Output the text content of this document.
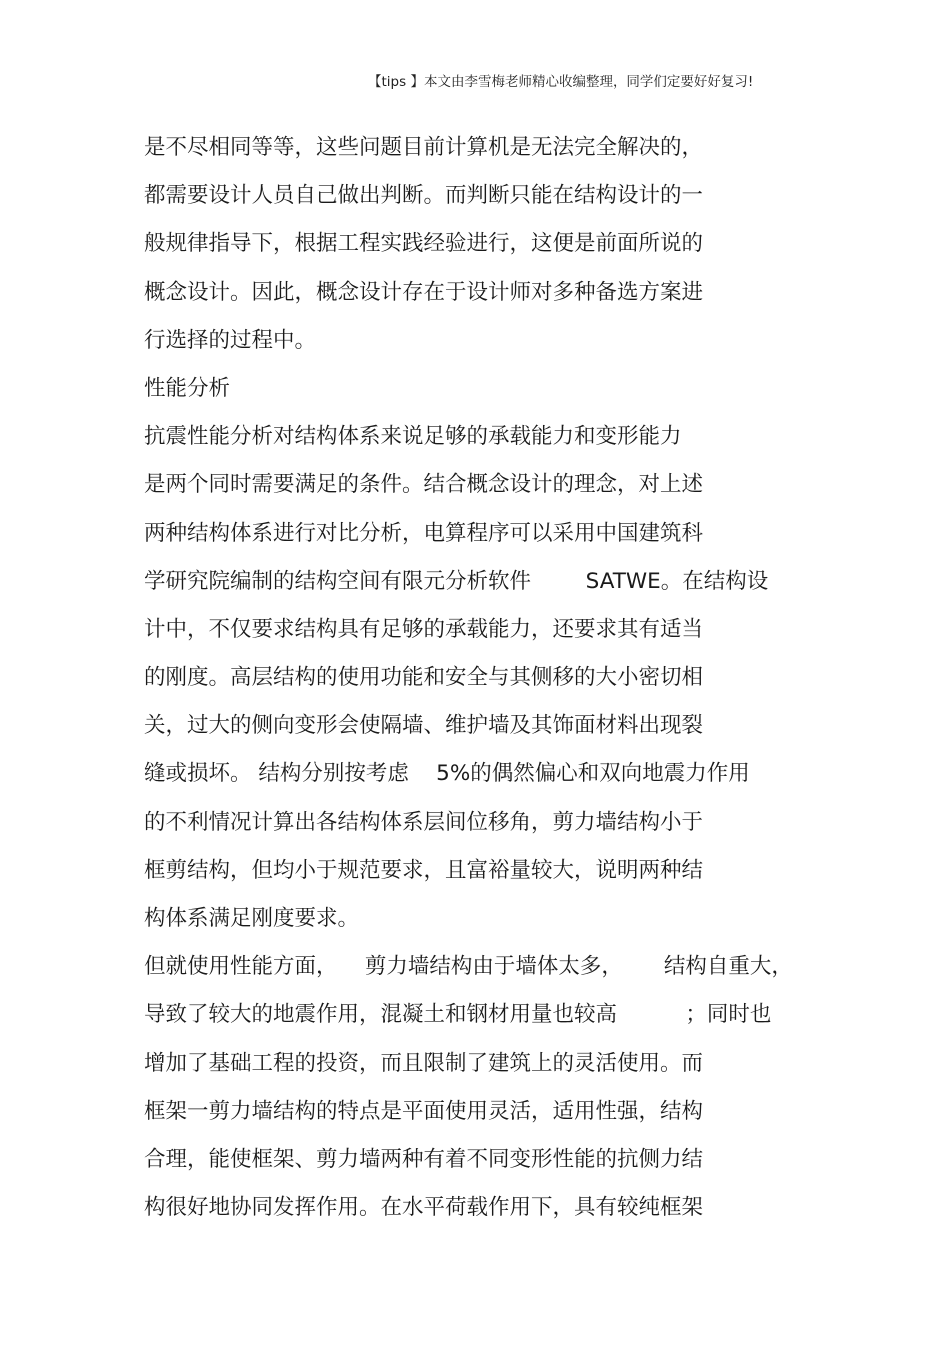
【tips 】本文由李雪梅老师精心收编整理，同学们定要好好复习!
是不尽相同等等，这些问题目前计算机是无法完全解决的，
都需要设计人员自己做出判断。而判断只能在结构设计的一
般规律指导下，根据工程实践经验进行，这便是前面所说的
概念设计。因此，概念设计存在于设计师对多种备选方案进
行选择的过程中。
性能分析
抗震性能分析对结构体系来说足够的承载能力和变形能力
是两个同时需要满足的条件。结合概念设计的理念，对上述
两种结构体系进行对比分析，电算程序可以采用中国建筑科
学研究院编制的结构空间有限元分析软件        SATWE。在结构设
计中，不仅要求结构具有足够的承载能力，还要求其有适当
的刚度。高层结构的使用功能和安全与其侧移的大小密切相
关，过大的侧向变形会使隔墙、维护墙及其饰面材料出现裂
缝或损坏。 结构分别按考虑    5%的偶然偏心和双向地震力作用
的不利情况计算出各结构体系层间位移角，剪力墙结构小于
框剪结构，但均小于规范要求，且富裕量较大，说明两种结
构体系满足刚度要求。
但就使用性能方面，    剪力墙结构由于墙体太多，      结构自重大，
导致了较大的地震作用，混凝土和钢材用量也较高          ；同时也
增加了基础工程的投资，而且限制了建筑上的灵活使用。而
框架一剪力墙结构的特点是平面使用灵活，适用性强，结构
合理，能使框架、剪力墙两种有着不同变形性能的抗侧力结
构很好地协同发挥作用。在水平荷载作用下，具有较纯框架
